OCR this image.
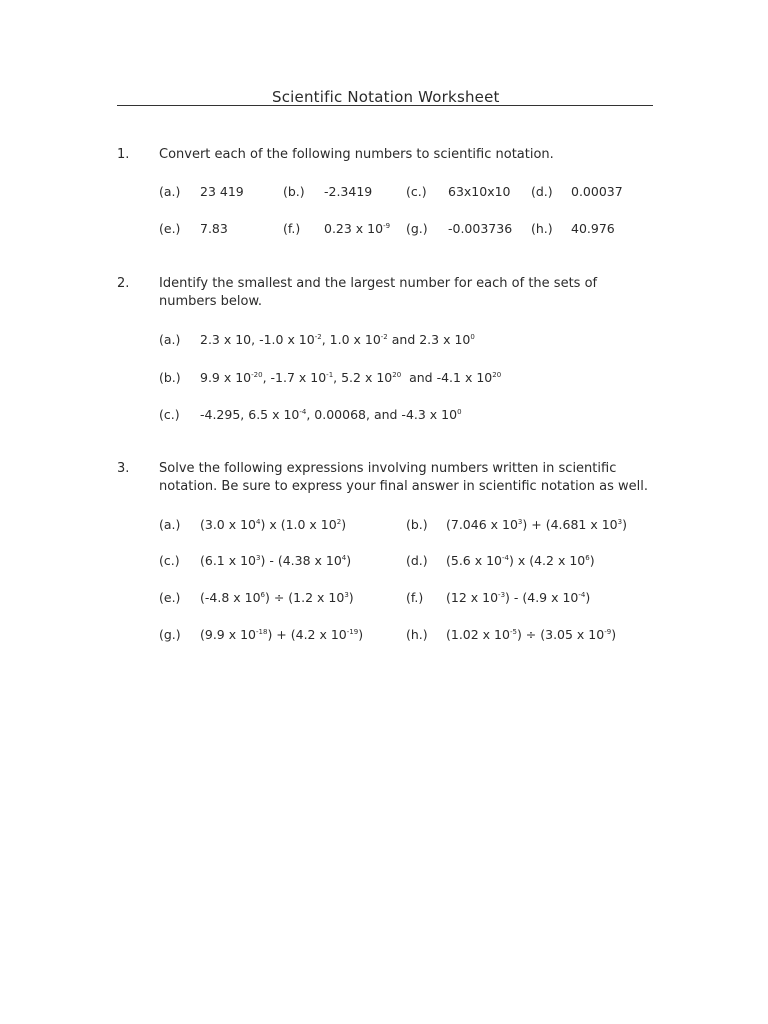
Scientific Notation Worksheet
1. Convert each of the following numbers to scientific notation.
(a.) 23 419	(b.) -2.3419	(c.) 63x10x10 (d.) 0.00037
(e.) 7.83	(f.) 0.23 x $10^{-9}$ (g.) -0.003736 (h.) 40.976
2. Identify the smallest and the largest number for each of the sets of
numbers below.
(a.) 2.3 x 10, -1.0 x $10^{-2}$, 1.0 x $10^{-2}$ and 2.3 x $10^0$
(b.) 9.9 x $10^{-20}$, -1.7 x $10^{-1}$, 5.2 x $10^{20}$  and -4.1 x $10^{20}$
(c.) -4.295, 6.5 x $10^{-4}$, 0.00068, and -4.3 x $10^0$
3. Solve the following expressions involving numbers written in scientific
notation. Be sure to express your final answer in scientific notation as well.
(a.) (3.0 x $10^4$) x (1.0 x $10^2$)	(b.) (7.046 x $10^3) + (4.681$ x $10^3$)
(c.) (6.1 x $10^3) - (4.38$ x $10^4$)	(d.) (5.6 x $10^{-4}$) x (4.2 x $10^6$)
(e.) (-4.8 x $10^6) \div (1.2$ x $10^3$)	(f.) (12 x $10^{-3}) - (4.9$ x $10^{-4}$)
(g.) (9.9 x $10^{-18}) + (4.2$ x $10^{-19}$)	(h.) (1.02 x $10^{-5}) \div (3.05$ x $10^{-9}$)
